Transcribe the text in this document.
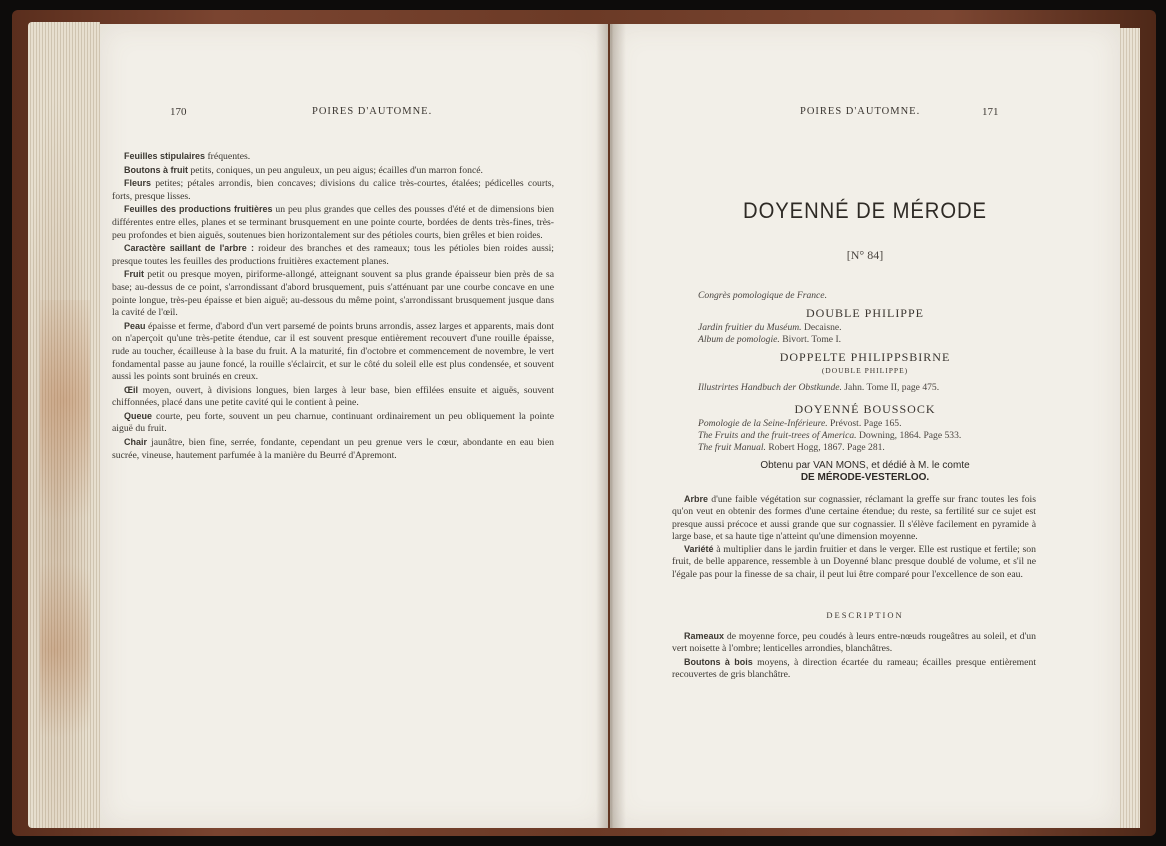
170	POIRES D'AUTOMNE.

Feuilles stipulaires fréquentes.

Boutons à fruit petits, coniques, un peu anguleux, un peu aigus; écailles d'un marron foncé.

Fleurs petites; pétales arrondis, bien concaves; divisions du calice très-courtes, étalées; pédicelles courts, forts, presque lisses.

Feuilles des productions fruitières un peu plus grandes que celles des pousses d'été et de dimensions bien différentes entre elles, planes et se terminant brusquement en une pointe courte, bordées de dents très-fines, très-peu profondes et bien aiguës, soutenues bien horizontalement sur des pétioles courts, bien grêles et bien roides.

Caractère saillant de l'arbre : roideur des branches et des rameaux; tous les pétioles bien roides aussi; presque toutes les feuilles des productions fruitières exactement planes.

Fruit petit ou presque moyen, piriforme-allongé, atteignant souvent sa plus grande épaisseur bien près de sa base; au-dessus de ce point, s'arrondissant d'abord brusquement, puis s'atténuant par une courbe concave en une pointe longue, très-peu épaisse et bien aiguë; au-dessous du même point, s'arrondissant brusquement jusque dans la cavité de l'œil.

Peau épaisse et ferme, d'abord d'un vert parsemé de points bruns arrondis, assez larges et apparents, mais dont on n'aperçoit qu'une très-petite étendue, car il est souvent presque entièrement recouvert d'une rouille épaisse, rude au toucher, écailleuse à la base du fruit. A la maturité, fin d'octobre et commencement de novembre, le vert fondamental passe au jaune foncé, la rouille s'éclaircit, et sur le côté du soleil elle est plus condensée, et souvent aussi les points sont bruinés en creux.

Œil moyen, ouvert, à divisions longues, bien larges à leur base, bien effilées ensuite et aiguës, souvent chiffonnées, placé dans une petite cavité qui le contient à peine.

Queue courte, peu forte, souvent un peu charnue, continuant ordinairement un peu obliquement la pointe aiguë du fruit.

Chair jaunâtre, bien fine, serrée, fondante, cependant un peu grenue vers le cœur, abondante en eau bien sucrée, vineuse, hautement parfumée à la manière du Beurré d'Apremont.

POIRES D'AUTOMNE.	171
DOYENNÉ DE MÉRODE
[N° 84]
Congrès pomologique de France.
DOUBLE PHILIPPE
Jardin fruitier du Muséum. Decaisne.
Album de pomologie. Bivort. Tome I.
DOPPELTE PHILIPPSBIRNE
(DOUBLE PHILIPPE)
Illustrirtes Handbuch der Obstkunde. Jahn. Tome II, page 475.
DOYENNÉ BOUSSOCK
Pomologie de la Seine-Inférieure. Prévost. Page 165.
The Fruits and the fruit-trees of America. Downing, 1864. Page 533.
The fruit Manual. Robert Hogg, 1867. Page 281.
Obtenu par VAN MONS, et dédié à M. le comte
DE MÉRODE-VESTERLOO.

Arbre d'une faible végétation sur cognassier, réclamant la greffe sur franc toutes les fois qu'on veut en obtenir des formes d'une certaine étendue; du reste, sa fertilité sur ce sujet est presque aussi précoce et aussi grande que sur cognassier. Il s'élève facilement en pyramide à large base, et sa haute tige n'atteint qu'une dimension moyenne.

Variété à multiplier dans le jardin fruitier et dans le verger. Elle est rustique et fertile; son fruit, de belle apparence, ressemble à un Doyenné blanc presque doublé de volume, et s'il ne l'égale pas pour la finesse de sa chair, il peut lui être comparé pour l'excellence de son eau.

DESCRIPTION

Rameaux de moyenne force, peu coudés à leurs entre-nœuds rougeâtres au soleil, et d'un vert noisette à l'ombre; lenticelles arrondies, blanchâtres.

Boutons à bois moyens, à direction écartée du rameau; écailles presque entièrement recouvertes de gris blanchâtre.
